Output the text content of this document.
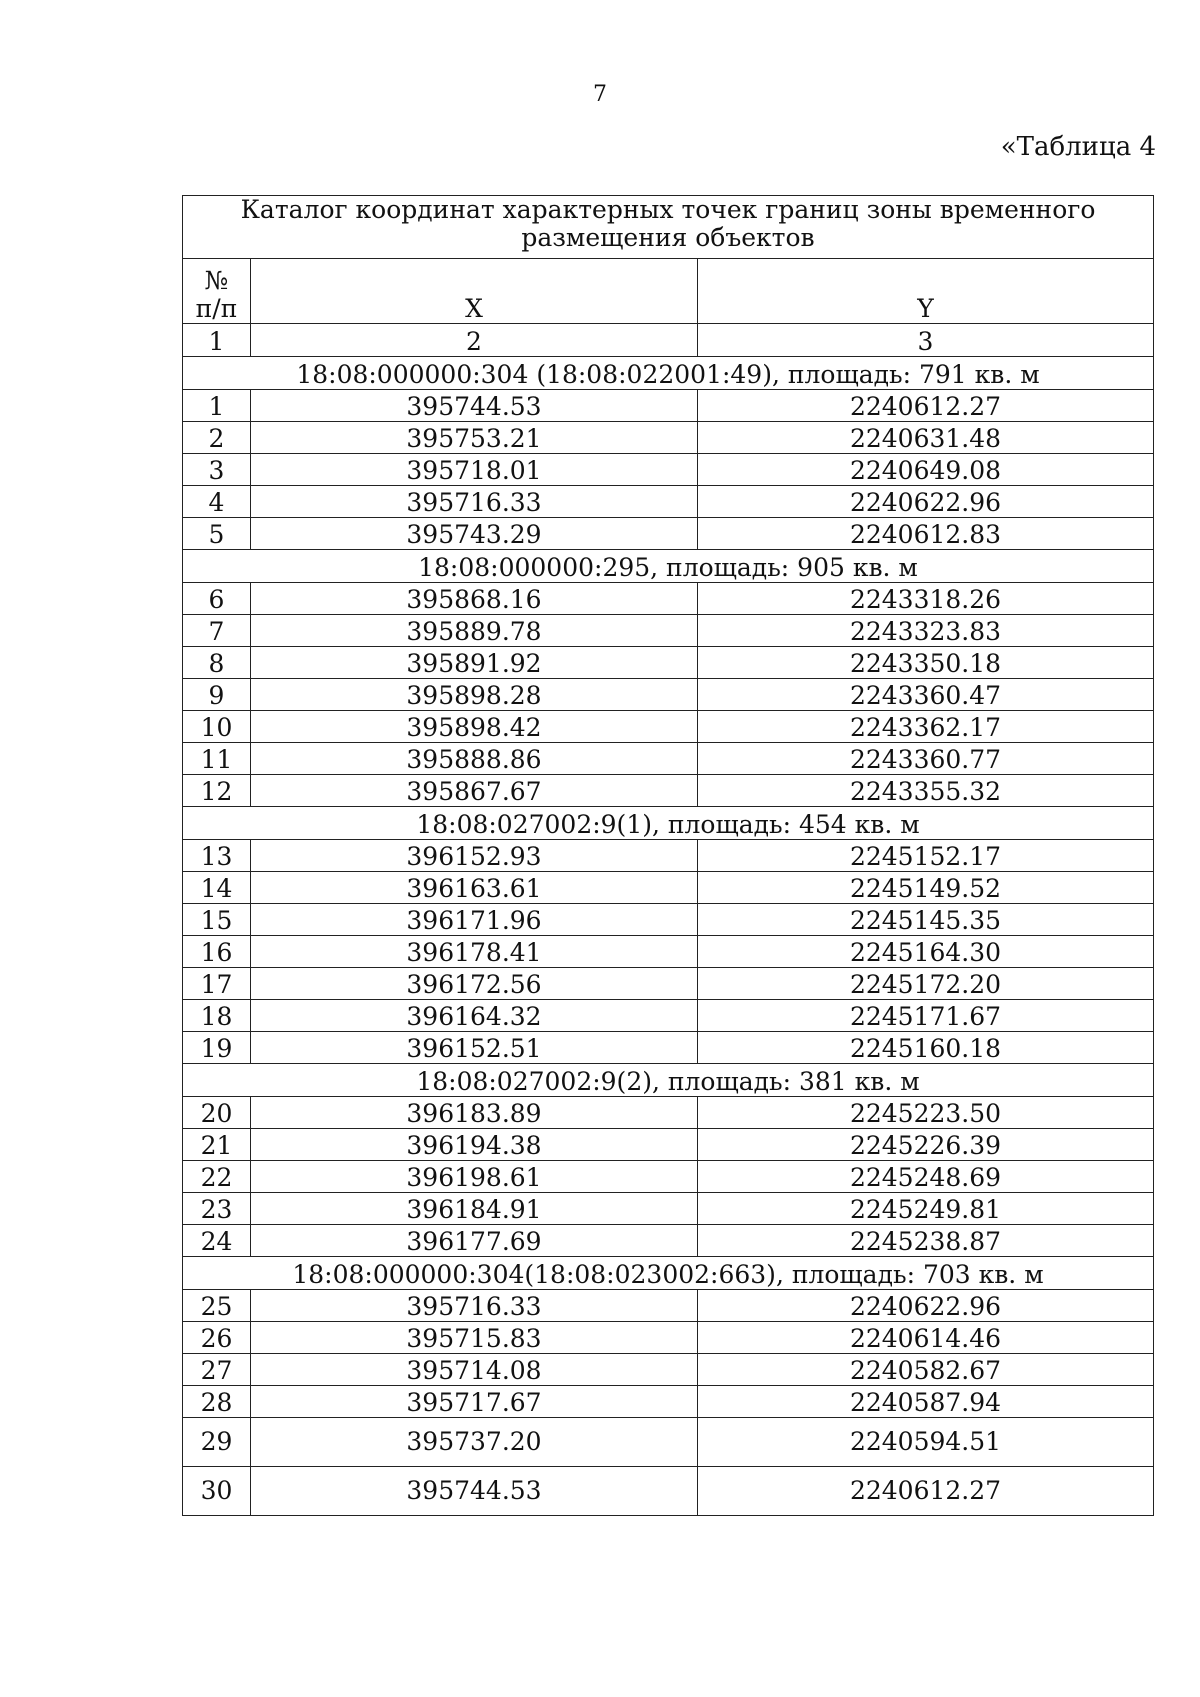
7
«Таблица 4
Каталог координат характерных точек границ зоны временного размещения объектов		
№
п/п	X	Y
1	2	3
18:08:000000:304 (18:08:022001:49), площадь: 791 кв. м		
1	395744.53	2240612.27
2	395753.21	2240631.48
3	395718.01	2240649.08
4	395716.33	2240622.96
5	395743.29	2240612.83
18:08:000000:295, площадь: 905 кв. м		
6	395868.16	2243318.26
7	395889.78	2243323.83
8	395891.92	2243350.18
9	395898.28	2243360.47
10	395898.42	2243362.17
11	395888.86	2243360.77
12	395867.67	2243355.32
18:08:027002:9(1), площадь: 454 кв. м		
13	396152.93	2245152.17
14	396163.61	2245149.52
15	396171.96	2245145.35
16	396178.41	2245164.30
17	396172.56	2245172.20
18	396164.32	2245171.67
19	396152.51	2245160.18
18:08:027002:9(2), площадь: 381 кв. м		
20	396183.89	2245223.50
21	396194.38	2245226.39
22	396198.61	2245248.69
23	396184.91	2245249.81
24	396177.69	2245238.87
18:08:000000:304(18:08:023002:663), площадь: 703 кв. м		
25	395716.33	2240622.96
26	395715.83	2240614.46
27	395714.08	2240582.67
28	395717.67	2240587.94
29	395737.20	2240594.51
30	395744.53	2240612.27
